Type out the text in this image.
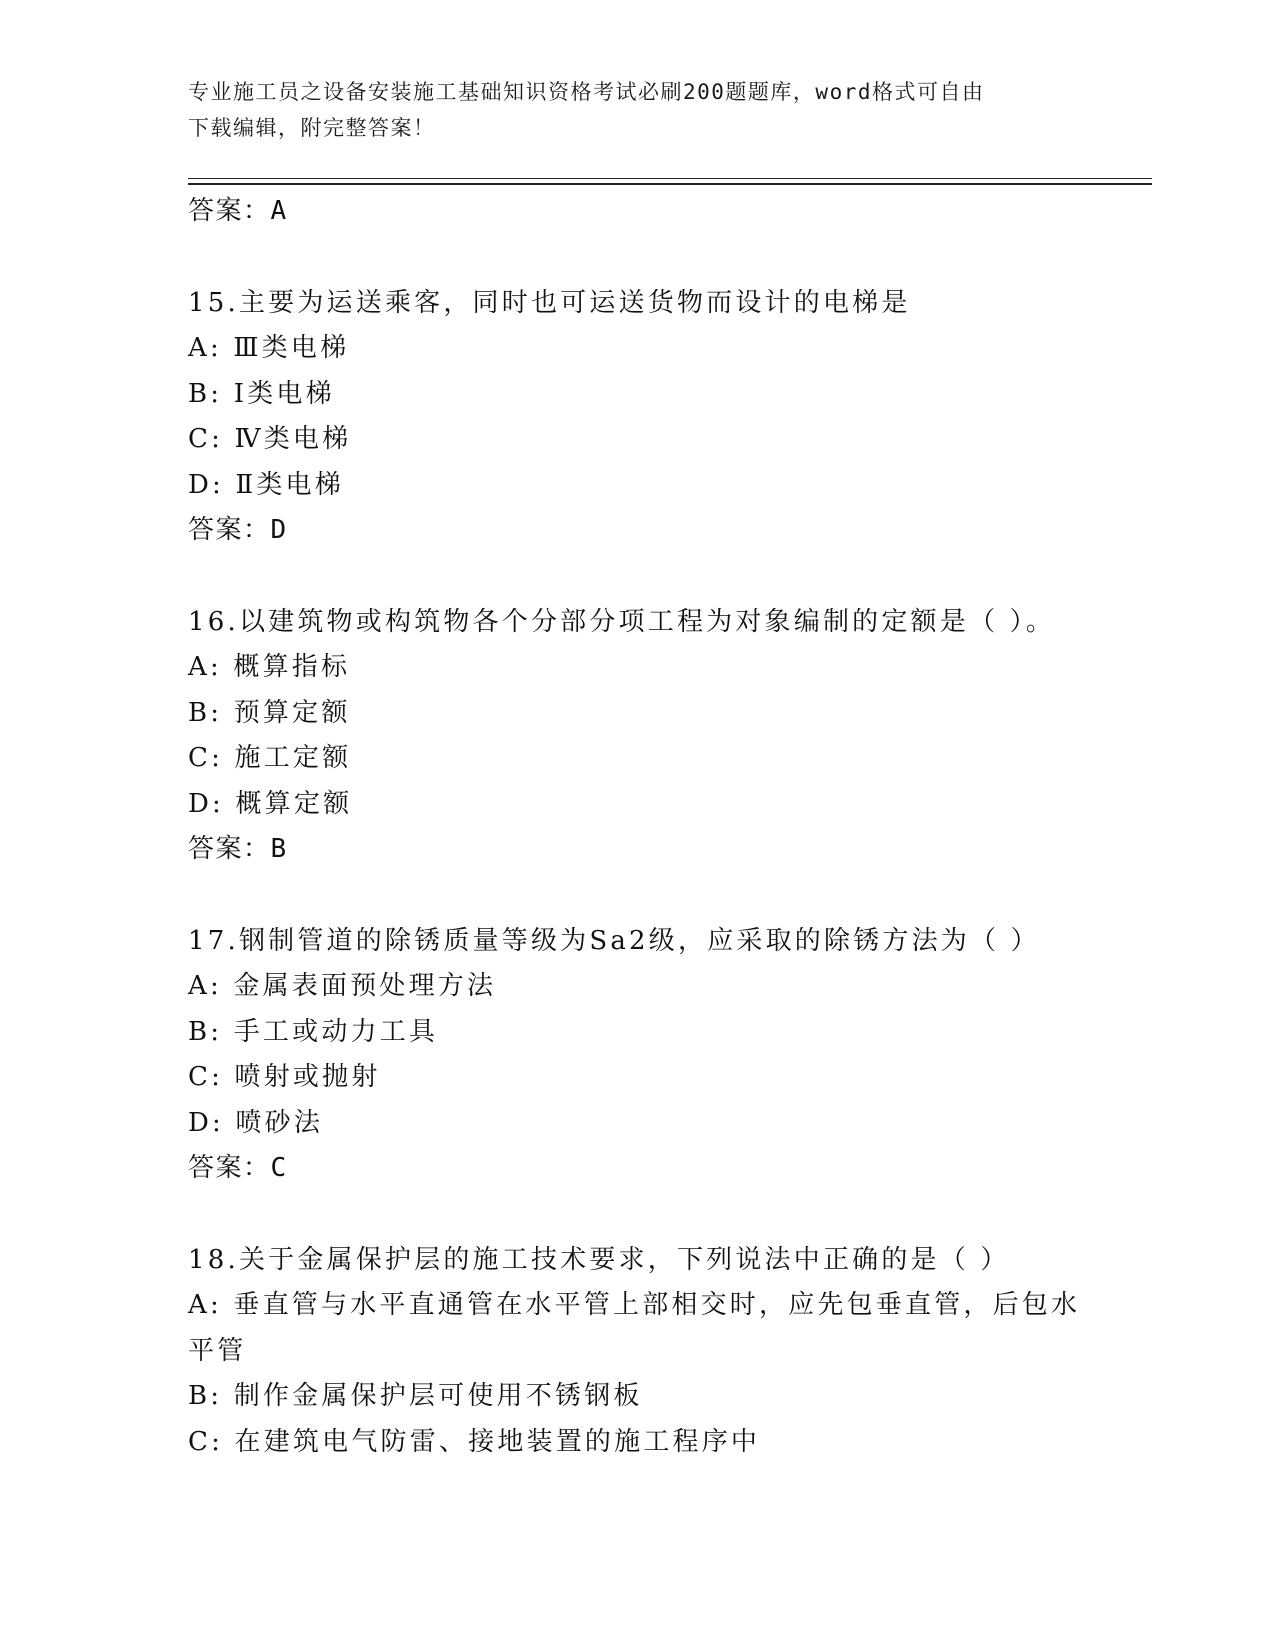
专业施工员之设备安装施工基础知识资格考试必刷200题题库，word格式可自由
下载编辑，附完整答案！
答案：A
15.主要为运送乘客，同时也可运送货物而设计的电梯是
A: Ⅲ类电梯
B: Ⅰ类电梯
C: Ⅳ类电梯
D: Ⅱ类电梯
答案：D
16.以建筑物或构筑物各个分部分项工程为对象编制的定额是（ ）。
A: 概算指标
B: 预算定额
C: 施工定额
D: 概算定额
答案：B
17.钢制管道的除锈质量等级为Sa2级，应采取的除锈方法为（ ）
A: 金属表面预处理方法
B: 手工或动力工具
C: 喷射或抛射
D: 喷砂法
答案：C
18.关于金属保护层的施工技术要求，下列说法中正确的是（ ）
A: 垂直管与水平直通管在水平管上部相交时，应先包垂直管，后包水
平管
B: 制作金属保护层可使用不锈钢板
C: 在建筑电气防雷、接地装置的施工程序中
